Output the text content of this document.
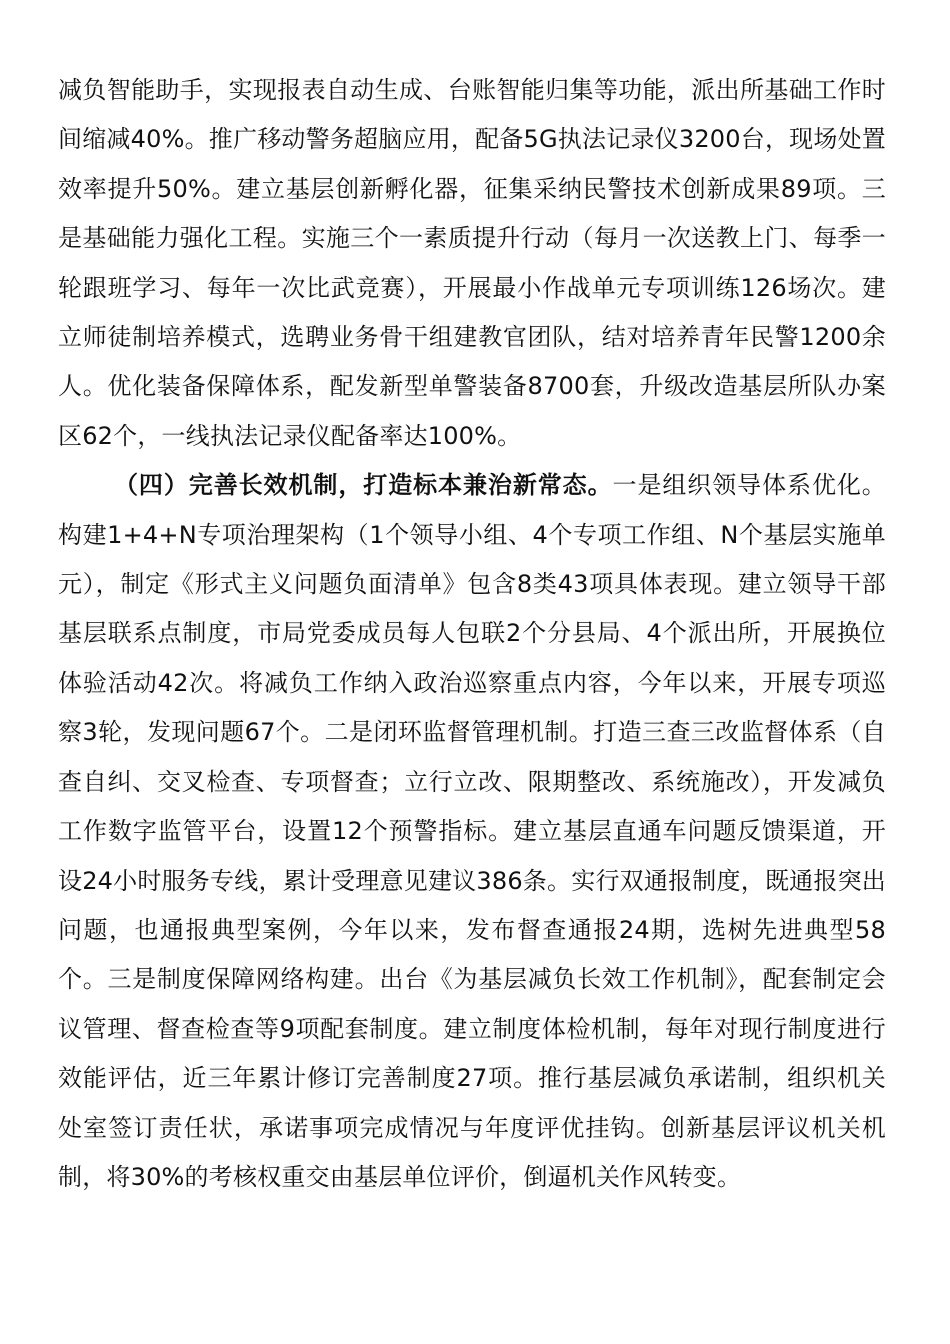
减负智能助手，实现报表自动生成、台账智能归集等功能，派出所基础工作时间缩减40%。推广移动警务超脑应用，配备5G执法记录仪3200台，现场处置效率提升50%。建立基层创新孵化器，征集采纳民警技术创新成果89项。三是基础能力强化工程。实施三个一素质提升行动（每月一次送教上门、每季一轮跟班学习、每年一次比武竞赛），开展最小作战单元专项训练126场次。建立师徒制培养模式，选聘业务骨干组建教官团队，结对培养青年民警1200余人。优化装备保障体系，配发新型单警装备8700套，升级改造基层所队办案区62个，一线执法记录仪配备率达100%。

（四）完善长效机制，打造标本兼治新常态。一是组织领导体系优化。构建1+4+N专项治理架构（1个领导小组、4个专项工作组、N个基层实施单元），制定《形式主义问题负面清单》包含8类43项具体表现。建立领导干部基层联系点制度，市局党委成员每人包联2个分县局、4个派出所，开展换位体验活动42次。将减负工作纳入政治巡察重点内容，今年以来，开展专项巡察3轮，发现问题67个。二是闭环监督管理机制。打造三查三改监督体系（自查自纠、交叉检查、专项督查；立行立改、限期整改、系统施改），开发减负工作数字监管平台，设置12个预警指标。建立基层直通车问题反馈渠道，开设24小时服务专线，累计受理意见建议386条。实行双通报制度，既通报突出问题，也通报典型案例，今年以来，发布督查通报24期，选树先进典型58个。三是制度保障网络构建。出台《为基层减负长效工作机制》，配套制定会议管理、督查检查等9项配套制度。建立制度体检机制，每年对现行制度进行效能评估，近三年累计修订完善制度27项。推行基层减负承诺制，组织机关处室签订责任状，承诺事项完成情况与年度评优挂钩。创新基层评议机关机制，将30%的考核权重交由基层单位评价，倒逼机关作风转变。
